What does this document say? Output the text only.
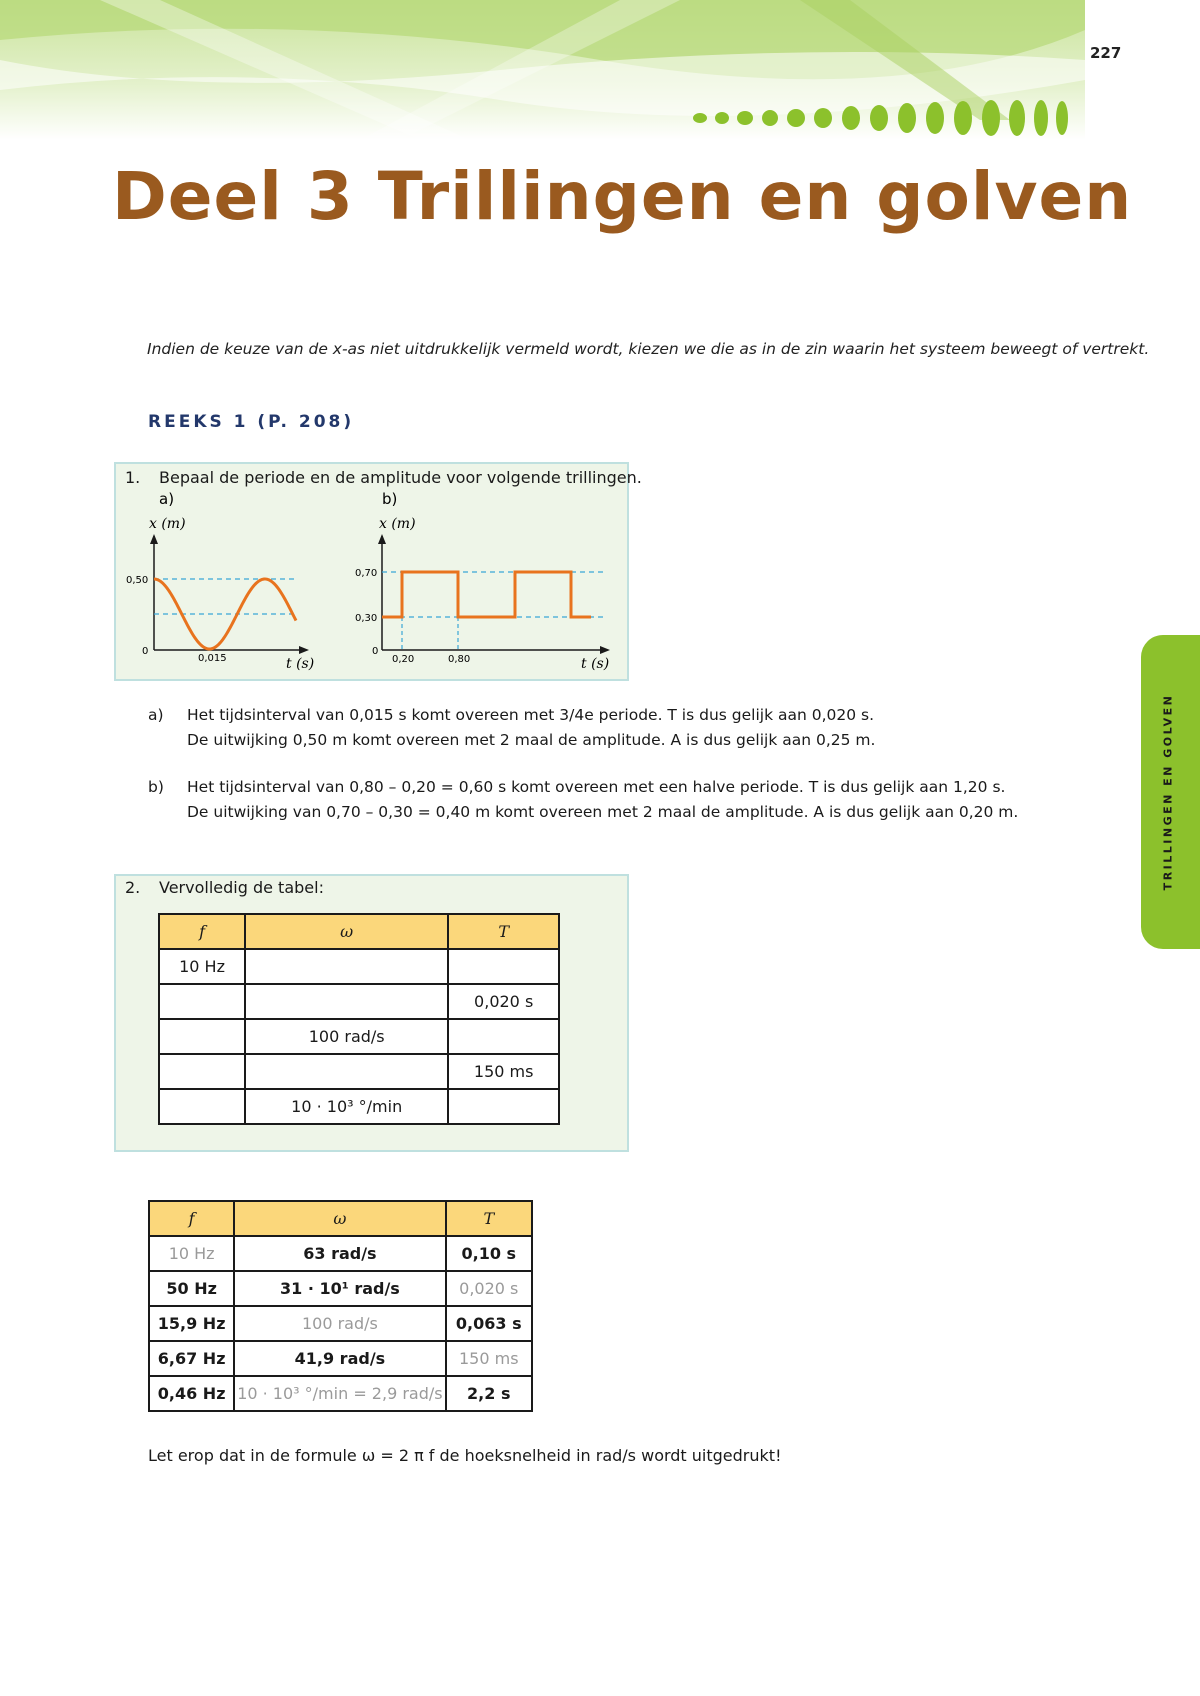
227
Deel 3 Trillingen en golven
Indien de keuze van de x-as niet uitdrukkelijk vermeld wordt, kiezen we die as in de zin waarin het systeem beweegt of vertrekt.
REEKS 1 (P. 208)
1. Bepaal de periode en de amplitude voor volgende trillingen.
a)
x (m)
0,50
0
0,015	t (s)
b)
x (m)
0,70
0,30
0
0,20	0,80	t (s)
a) Het tijdsinterval van 0,015 s komt overeen met 3/4e periode. T is dus gelijk aan 0,020 s.
De uitwijking 0,50 m komt overeen met 2 maal de amplitude. A is dus gelijk aan 0,25 m.
b) Het tijdsinterval van 0,80 – 0,20 = 0,60 s komt overeen met een halve periode. T is dus gelijk aan 1,20 s.
De uitwijking van 0,70 – 0,30 = 0,40 m komt overeen met 2 maal de amplitude. A is dus gelijk aan 0,20 m.
2. Vervolledig de tabel:
f	ω	T
10 Hz		
		0,020 s
	100 rad/s	
		150 ms
	10 · 10³ °/min	
f	ω	T
10 Hz	63 rad/s	0,10 s
50 Hz	31 · 10¹ rad/s	0,020 s
15,9 Hz	100 rad/s	0,063 s
6,67 Hz	41,9 rad/s	150 ms
0,46 Hz	10 · 10³ °/min = 2,9 rad/s	2,2 s
Let erop dat in de formule ω = 2 π f de hoeksnelheid in rad/s wordt uitgedrukt!
TRILLINGEN EN GOLVEN
